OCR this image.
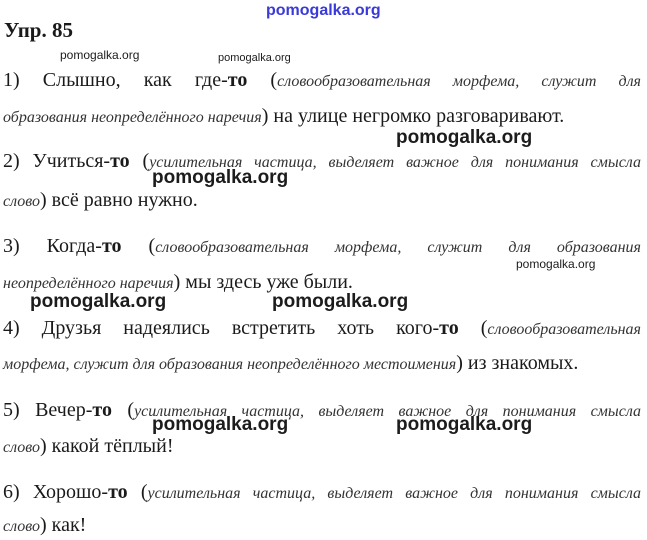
pomogalka.org
pomogalka.org	pomogalka.org
Упр. 85
1) Слышно, как где-то (словообразовательная морфема, служит для
образования неопределённого наречия) на улице негромко разговаривают.
pomogalka.org
2) Учиться-то (усилительная частица, выделяет важное для понимания смысла
pomogalka.org
слово) всё равно нужно.
3) Когда-то (словообразовательная морфема, служит для образования
pomogalka.org
неопределённого наречия) мы здесь уже были.
pomogalka.org	pomogalka.org
4) Друзья надеялись встретить хоть кого-то (словообразовательная
морфема, служит для образования неопределённого местоимения) из знакомых.
5) Вечер-то (усилительная частица, выделяет важное для понимания смысла
pomogalka.org	pomogalka.org
слово) какой тёплый!
6) Хорошо-то (усилительная частица, выделяет важное для понимания смысла
слово) как!
